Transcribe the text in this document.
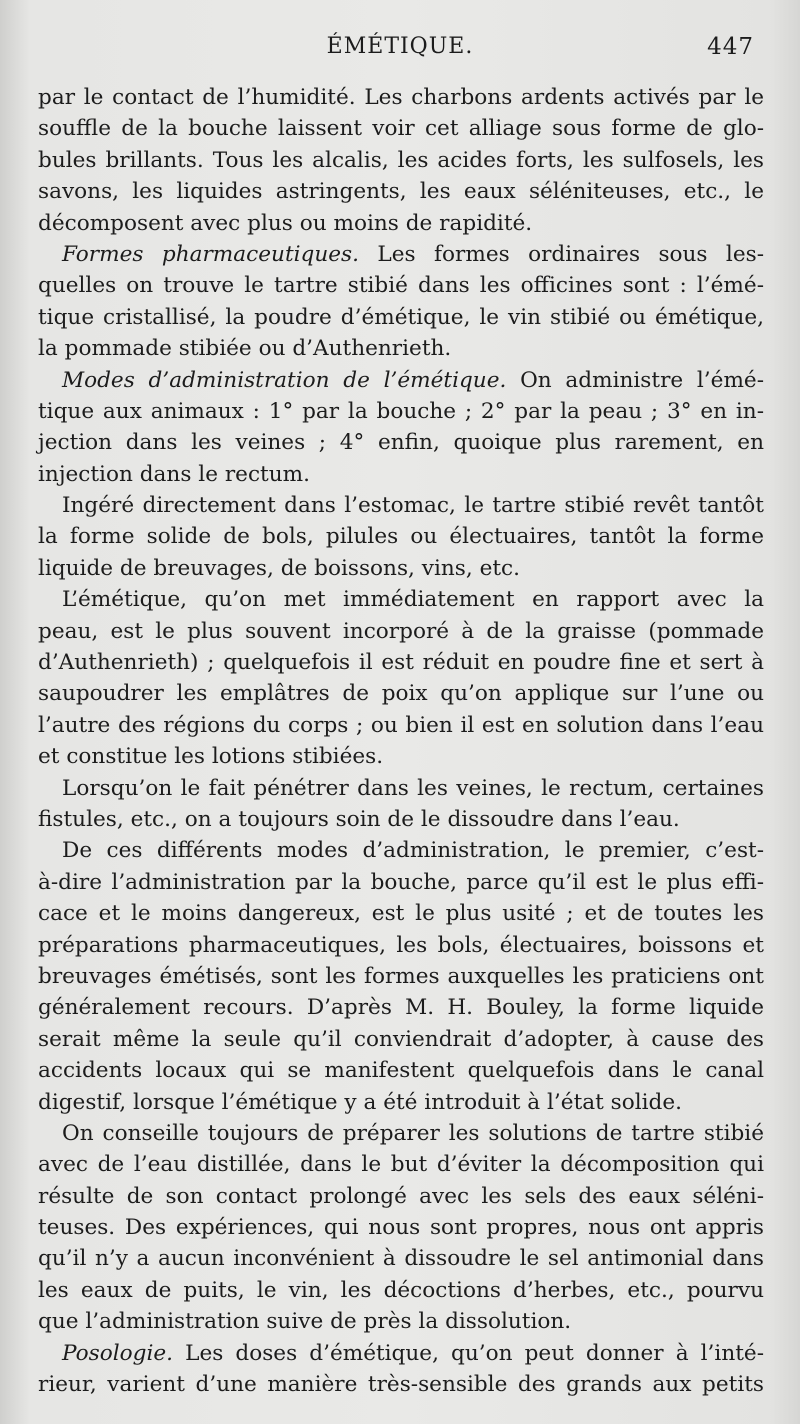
ÉMÉTIQUE.	447
par le contact de l’humidité. Les charbons ardents activés par le
souffle de la bouche laissent voir cet alliage sous forme de glo-
bules brillants. Tous les alcalis, les acides forts, les sulfosels, les
savons, les liquides astringents, les eaux séléniteuses, etc., le
décomposent avec plus ou moins de rapidité.
Formes pharmaceutiques. Les formes ordinaires sous les-
quelles on trouve le tartre stibié dans les officines sont : l’émé-
tique cristallisé, la poudre d’émétique, le vin stibié ou émétique,
la pommade stibiée ou d’Authenrieth.
Modes d’administration de l’émétique. On administre l’émé-
tique aux animaux : 1° par la bouche ; 2° par la peau ; 3° en in-
jection dans les veines ; 4° enfin, quoique plus rarement, en
injection dans le rectum.
Ingéré directement dans l’estomac, le tartre stibié revêt tantôt
la forme solide de bols, pilules ou électuaires, tantôt la forme
liquide de breuvages, de boissons, vins, etc.
L’émétique, qu’on met immédiatement en rapport avec la
peau, est le plus souvent incorporé à de la graisse (pommade
d’Authenrieth) ; quelquefois il est réduit en poudre fine et sert à
saupoudrer les emplâtres de poix qu’on applique sur l’une ou
l’autre des régions du corps ; ou bien il est en solution dans l’eau
et constitue les lotions stibiées.
Lorsqu’on le fait pénétrer dans les veines, le rectum, certaines
fistules, etc., on a toujours soin de le dissoudre dans l’eau.
De ces différents modes d’administration, le premier, c’est-
à-dire l’administration par la bouche, parce qu’il est le plus effi-
cace et le moins dangereux, est le plus usité ; et de toutes les
préparations pharmaceutiques, les bols, électuaires, boissons et
breuvages émétisés, sont les formes auxquelles les praticiens ont
généralement recours. D’après M. H. Bouley, la forme liquide
serait même la seule qu’il conviendrait d’adopter, à cause des
accidents locaux qui se manifestent quelquefois dans le canal
digestif, lorsque l’émétique y a été introduit à l’état solide.
On conseille toujours de préparer les solutions de tartre stibié
avec de l’eau distillée, dans le but d’éviter la décomposition qui
résulte de son contact prolongé avec les sels des eaux séléni-
teuses. Des expériences, qui nous sont propres, nous ont appris
qu’il n’y a aucun inconvénient à dissoudre le sel antimonial dans
les eaux de puits, le vin, les décoctions d’herbes, etc., pourvu
que l’administration suive de près la dissolution.
Posologie. Les doses d’émétique, qu’on peut donner à l’inté-
rieur, varient d’une manière très-sensible des grands aux petits
